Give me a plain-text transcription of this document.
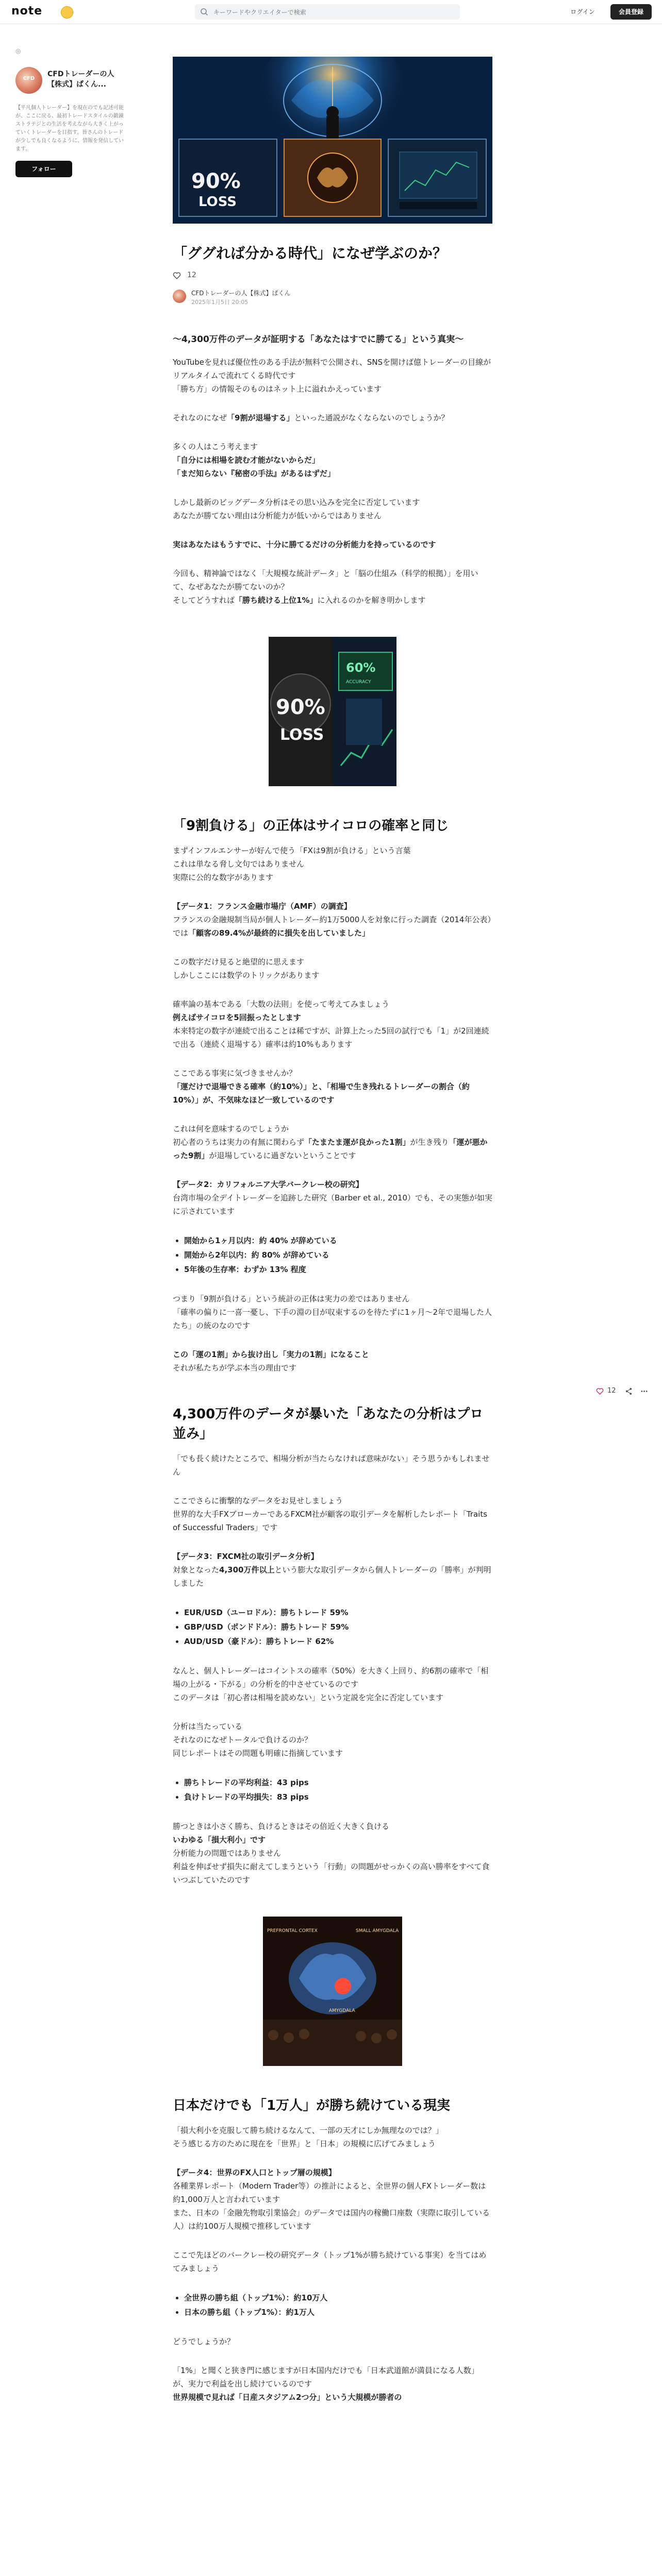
note
キーワードやクリエイターで検索	ログイン	会員登録
◎
CFD
CFDトレーダーの人【株式】ぱくん...
【平凡個人トレーダー】を現在のでも記述可能が、ここに戻る、最初トレードスタイルの鍛錬ストラテジとの生活を考えながら大きく上がっていくトレーダーを目指す。皆さんのトレードが少しでも良くなるように、情報を発信しています。
フォロー
12
90%
LOSS
「ググれば分かる時代」になぜ学ぶのか？
12
CFDトレーダーの人【株式】ぱくん
2025年1月5日 20:05

～4,300万件のデータが証明する「あなたはすでに勝てる」という真実～

YouTubeを見れば優位性のある手法が無料で公開され、SNSを開けば億トレーダーの目線がリアルタイムで流れてくる時代です

「勝ち方」の情報そのものはネット上に溢れかえっています

それなのになぜ「9割が退場する」といった通説がなくならないのでしょうか？

多くの人はこう考えます

「自分には相場を読む才能がないからだ」

「まだ知らない『秘密の手法』があるはずだ」

しかし最新のビッグデータ分析はその思い込みを完全に否定しています

あなたが勝てない理由は分析能力が低いからではありません

実はあなたはもうすでに、十分に勝てるだけの分析能力を持っているのです

今回も、精神論ではなく「大規模な統計データ」と「脳の仕組み（科学的根拠）」を用いて、なぜあなたが勝てないのか？

そしてどうすれば「勝ち続ける上位1%」に入れるのかを解き明かします

90%
LOSS
60%
ACCURACY
「9割負ける」の正体はサイコロの確率と同じ

まずインフルエンサーが好んで使う「FXは9割が負ける」という言葉

これは単なる脅し文句ではありません

実際に公的な数字があります

【データ1：フランス金融市場庁（AMF）の調査】

フランスの金融規制当局が個人トレーダー約1万5000人を対象に行った調査（2014年公表）では「顧客の89.4%が最終的に損失を出していました」

この数字だけ見ると絶望的に思えます

しかしここには数学のトリックがあります

確率論の基本である「大数の法則」を使って考えてみましょう

例えばサイコロを5回振ったとします

本来特定の数字が連続で出ることは稀ですが、計算上たった5回の試行でも「1」が2回連続で出る（連続く退場する）確率は約10%もあります

ここである事実に気づきませんか？

「運だけで退場できる確率（約10%）」と、「相場で生き残れるトレーダーの割合（約10%）」が、不気味なほど一致しているのです

これは何を意味するのでしょうか

初心者のうちは実力の有無に関わらず「たまたま運が良かった1割」が生き残り「運が悪かった9割」が退場しているに過ぎないということです

【データ2：カリフォルニア大学バークレー校の研究】

台湾市場の全デイトレーダーを追跡した研究（Barber et al., 2010）でも、その実態が如実に示されています

• 開始から1ヶ月以内：約 40% が辞めている
• 開始から2年以内：約 80% が辞めている
• 5年後の生存率：わずか 13% 程度

つまり「9割が負ける」という統計の正体は実力の差ではありません

「確率の偏りに一喜一憂し、下手の淵の目が収束するのを待たずに1ヶ月〜2年で退場した人たち」の統のなのです

この「運の1割」から抜け出し「実力の1割」になること

それが私たちが学ぶ本当の理由です

4,300万件のデータが暴いた「あなたの分析はプロ並み」

「でも長く続けたところで、相場分析が当たらなければ意味がない」そう思うかもしれません

ここでさらに衝撃的なデータをお見せしましょう

世界的な大手FXブローカーであるFXCM社が顧客の取引データを解析したレポート「Traits of Successful Traders」です

【データ3：FXCM社の取引データ分析】

対象となった4,300万件以上という膨大な取引データから個人トレーダーの「勝率」が判明しました

• EUR/USD（ユーロドル）：勝ちトレード 59%
• GBP/USD（ポンドドル）：勝ちトレード 59%
• AUD/USD（豪ドル）：勝ちトレード 62%

なんと、個人トレーダーはコイントスの確率（50%）を大きく上回り、約6割の確率で「相場の上がる・下がる」の分析を的中させているのです

このデータは「初心者は相場を読めない」という定説を完全に否定しています

分析は当たっている

それなのになぜトータルで負けるのか？

同じレポートはその問題も明確に指摘しています

• 勝ちトレードの平均利益：43 pips
• 負けトレードの平均損失：83 pips

勝つときは小さく勝ち、負けるときはその倍近く大きく負ける

いわゆる「損大利小」です

分析能力の問題ではありません

利益を伸ばせず損失に耐えてしまうという「行動」の問題がせっかくの高い勝率をすべて食いつぶしていたのです

PREFRONTAL CORTEX	SMALL AMYGDALA
AMYGDALA
日本だけでも「1万人」が勝ち続けている現実

「損大利小を克服して勝ち続けるなんて、一部の天才にしか無理なのでは？」

そう感じる方のために現在を「世界」と「日本」の規模に広げてみましょう

【データ4：世界のFX人口とトップ層の規模】

各種業界レポート（Modern Trader等）の推計によると、全世界の個人FXトレーダー数は約1,000万人と言われています

また、日本の「金融先物取引業協会」のデータでは国内の稼働口座数（実際に取引している人）は約100万人規模で推移しています

ここで先ほどのバークレー校の研究データ（トップ1%が勝ち続けている事実）を当てはめてみましょう

• 全世界の勝ち組（トップ1%）：約10万人
• 日本の勝ち組（トップ1%）：約1万人

どうでしょうか？

「1%」と聞くと狭き門に感じますが日本国内だけでも「日本武道館が満員になる人数」が、実力で利益を出し続けているのです

世界規模で見れば「日産スタジアム2つ分」という大規模が勝者の
